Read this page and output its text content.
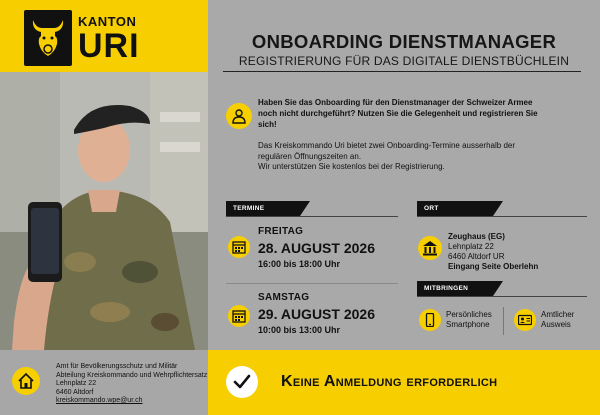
KANTON
URI
Amt für Bevölkerungsschutz und Militär
Abteilung Kreiskommando und Wehrpflichtersatz
Lehnplatz 22
6460 Altdorf
kreiskommando.wpe@ur.ch
ONBOARDING DIENSTMANAGER
REGISTRIERUNG FÜR DAS DIGITALE DIENSTBÜCHLEIN
Haben Sie das Onboarding für den Dienstmanager der Schweizer Armee
noch nicht durchgeführt? Nutzen Sie die Gelegenheit und registrieren Sie
sich!
Das Kreiskommando Uri bietet zwei Onboarding-Termine ausserhalb der
regulären Öffnungszeiten an.
Wir unterstützen Sie kostenlos bei der Registrierung.
TERMINE
FREITAG
28. AUGUST 2026
16:00 bis 18:00 Uhr
SAMSTAG
29. AUGUST 2026
10:00 bis 13:00 Uhr
ORT
Zeughaus (EG)
Lehnplatz 22
6460 Altdorf UR
Eingang Seite Oberlehn
MITBRINGEN
Persönliches
Smartphone
Amtlicher
Ausweis
Keine Anmeldung erforderlich
